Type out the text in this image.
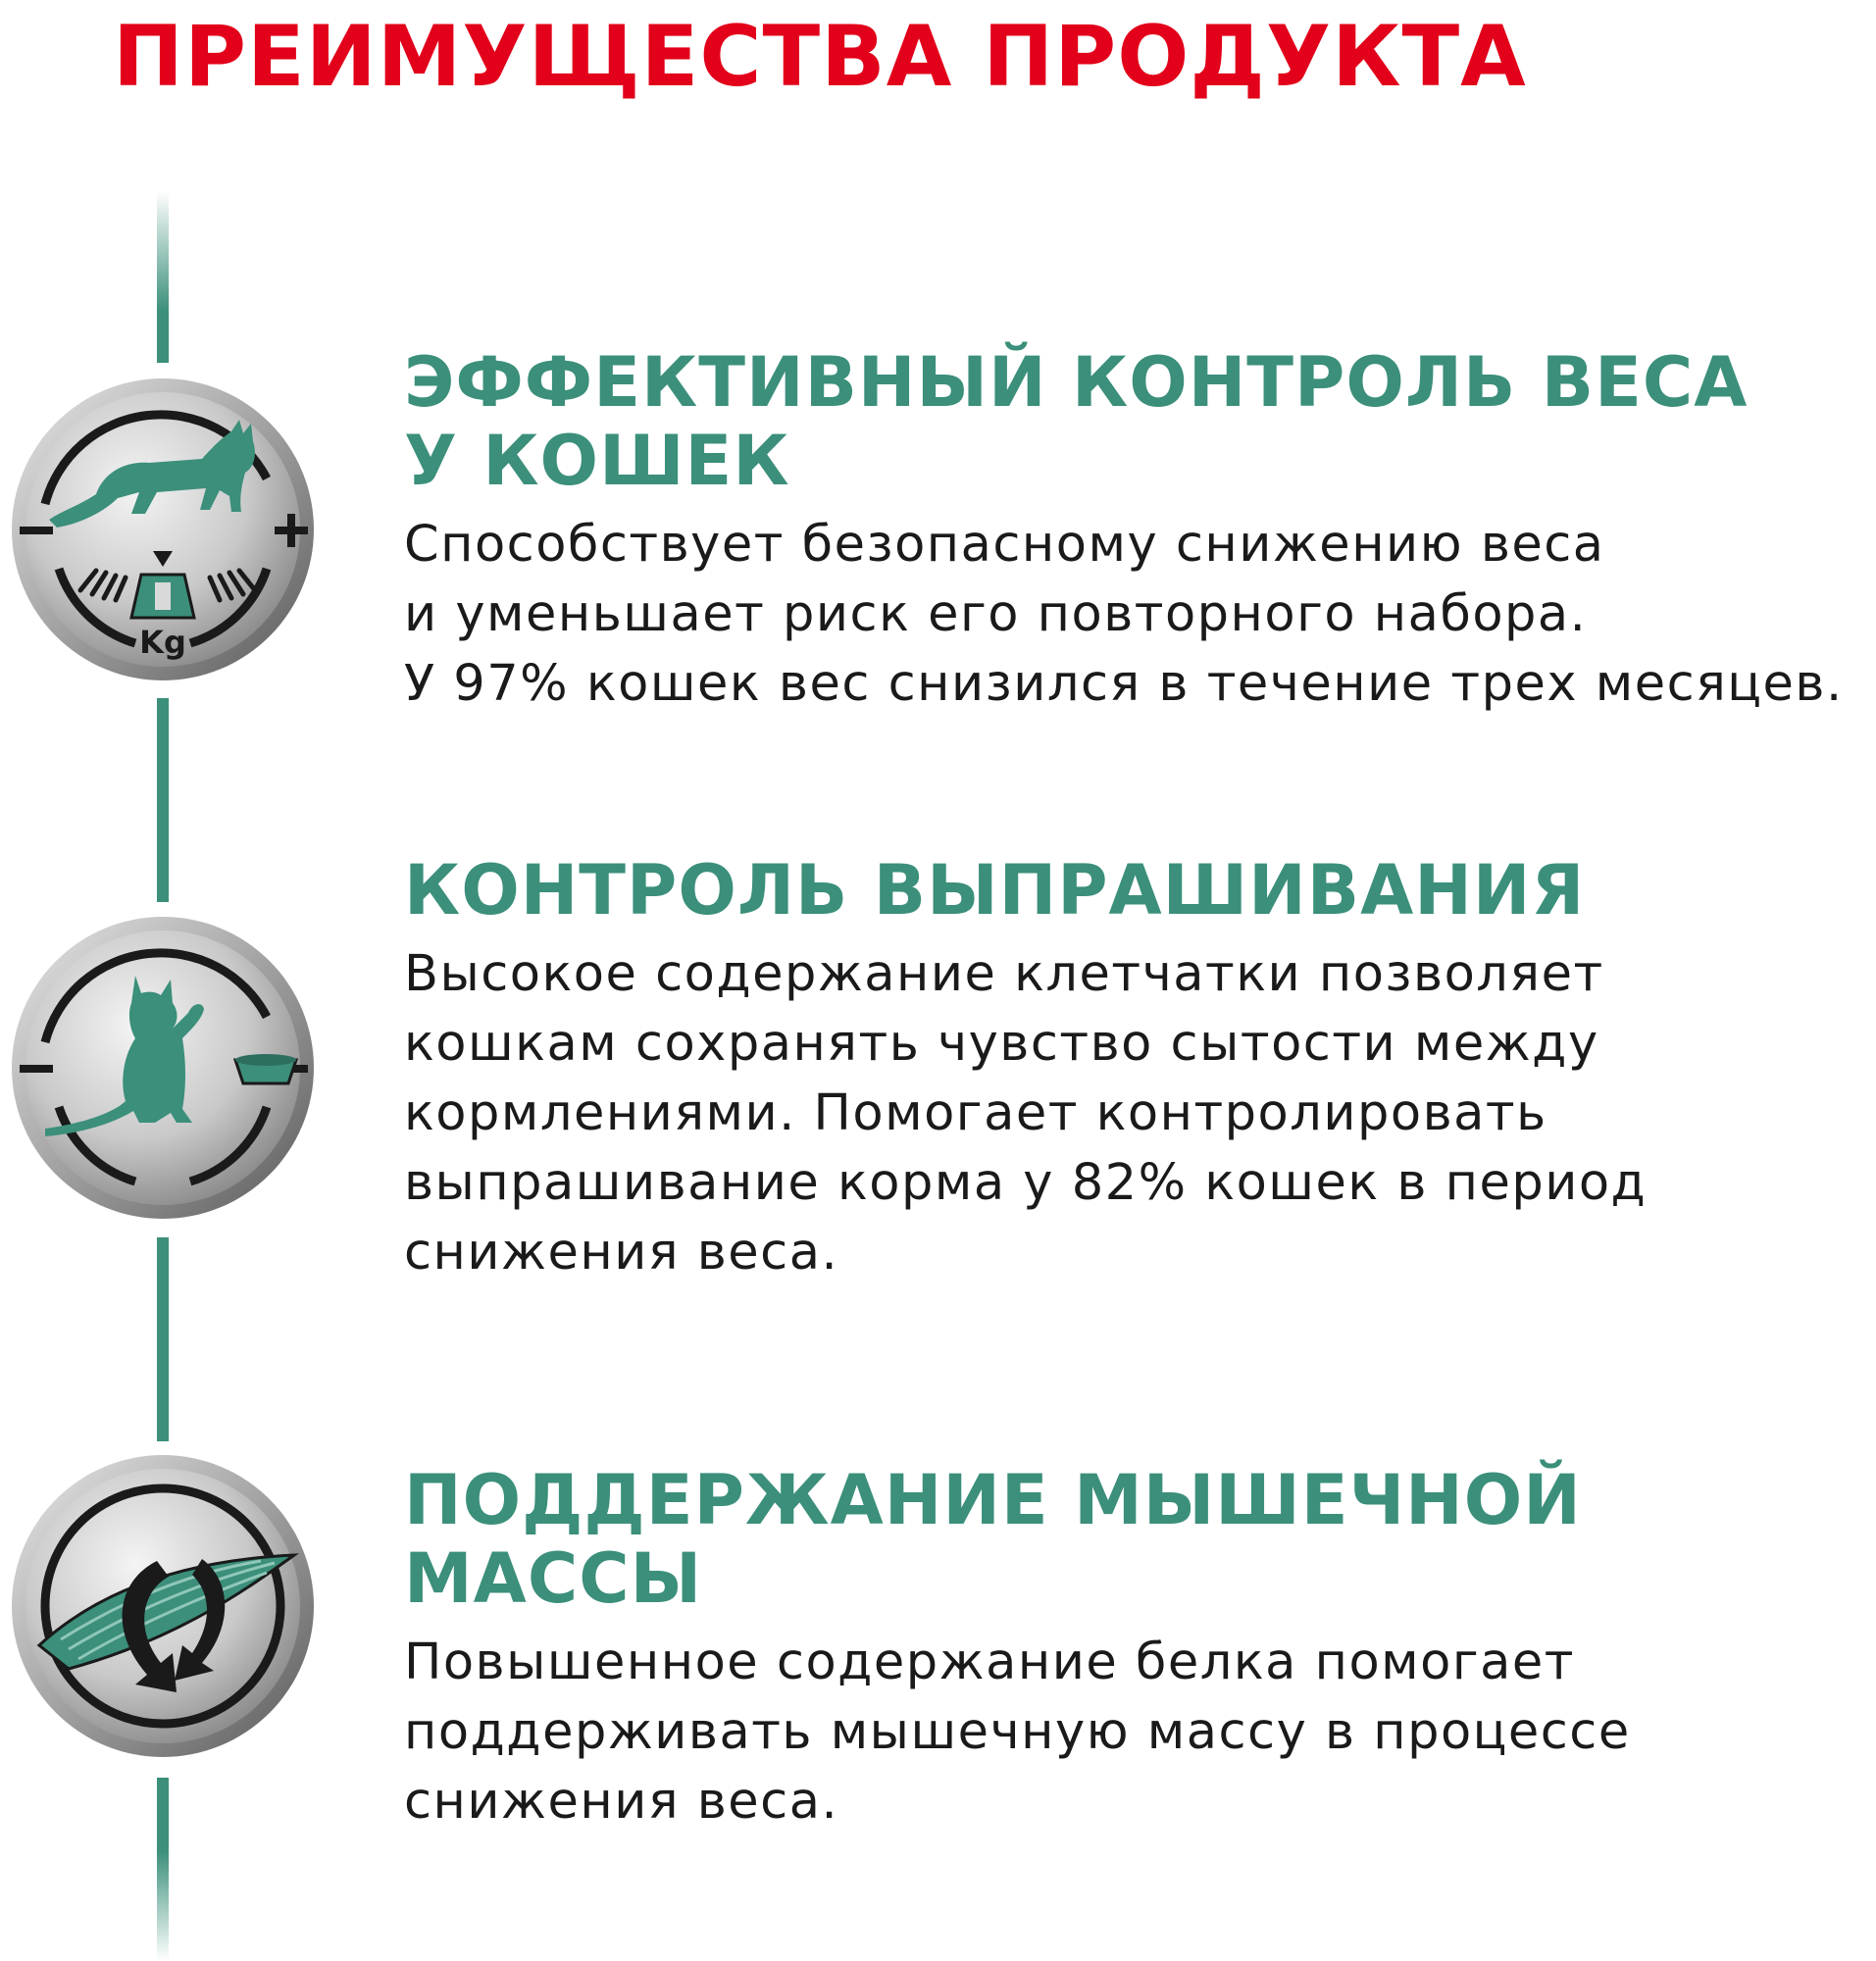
ПРЕИМУЩЕСТВА ПРОДУКТА
Kg
ЭФФЕКТИВНЫЙ КОНТРОЛЬ ВЕСА
У КОШЕК

Способствует безопасному снижению веса
и уменьшает риск его повторного набора.
У 97% кошек вес снизился в течение трех месяцев.

КОНТРОЛЬ ВЫПРАШИВАНИЯ

Высокое содержание клетчатки позволяет
кошкам сохранять чувство сытости между
кормлениями. Помогает контролировать
выпрашивание корма у 82% кошек в период
снижения веса.

ПОДДЕРЖАНИЕ МЫШЕЧНОЙ МАССЫ

Повышенное содержание белка помогает
поддерживать мышечную массу в процессе
снижения веса.
